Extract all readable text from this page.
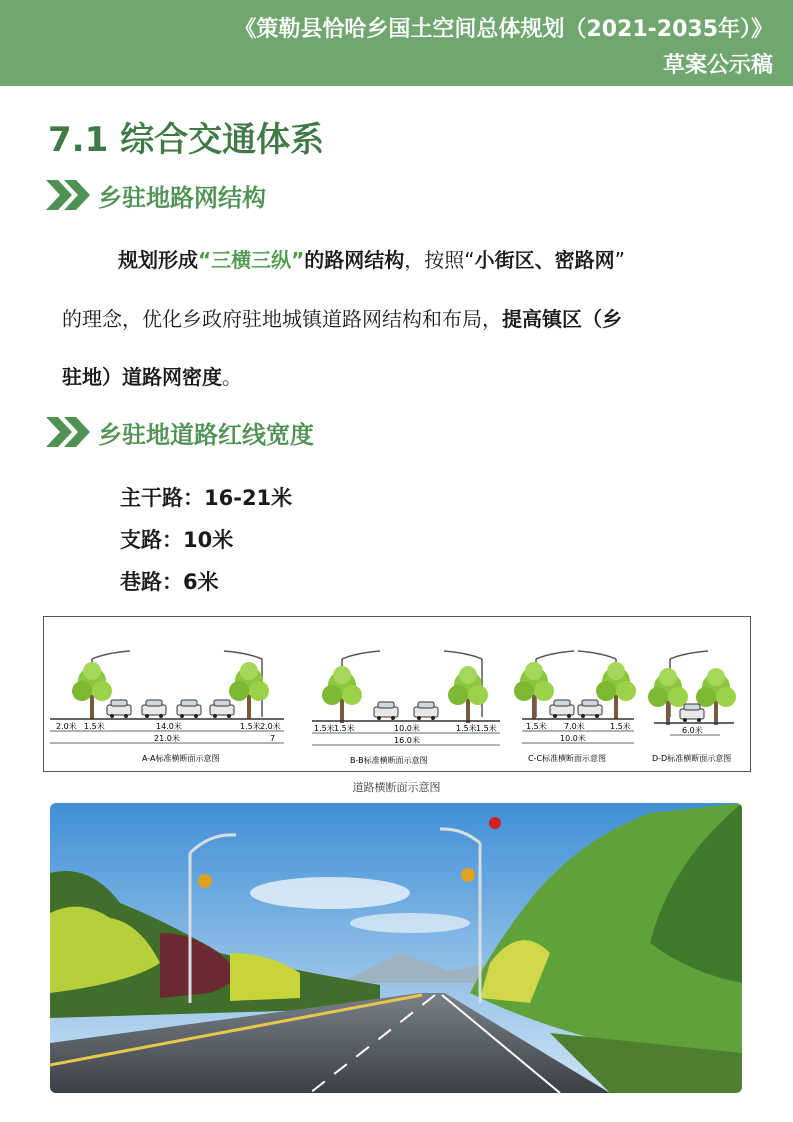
《策勒县恰哈乡国土空间总体规划（2021-2035年）》
草案公示稿
7.1 综合交通体系
乡驻地路网结构
规划形成“三横三纵”的路网结构，按照“小街区、密路网”
的理念，优化乡政府驻地城镇道路网结构和布局，提高镇区（乡
驻地）道路网密度。
乡驻地道路红线宽度
主干路：16-21米
支路：10米
巷路：6米
2.0米 1.5米	14.0米	1.5米 2.0米
21.0米	7
A-A标准横断面示意图
1.5米 1.5米	10.0米	1.5米 1.5米
16.0米
B-B标准横断面示意图
1.5米 7.0米	1.5米
10.0米
C-C标准横断面示意图
6.0米
D-D标准横断面示意图
道路横断面示意图
